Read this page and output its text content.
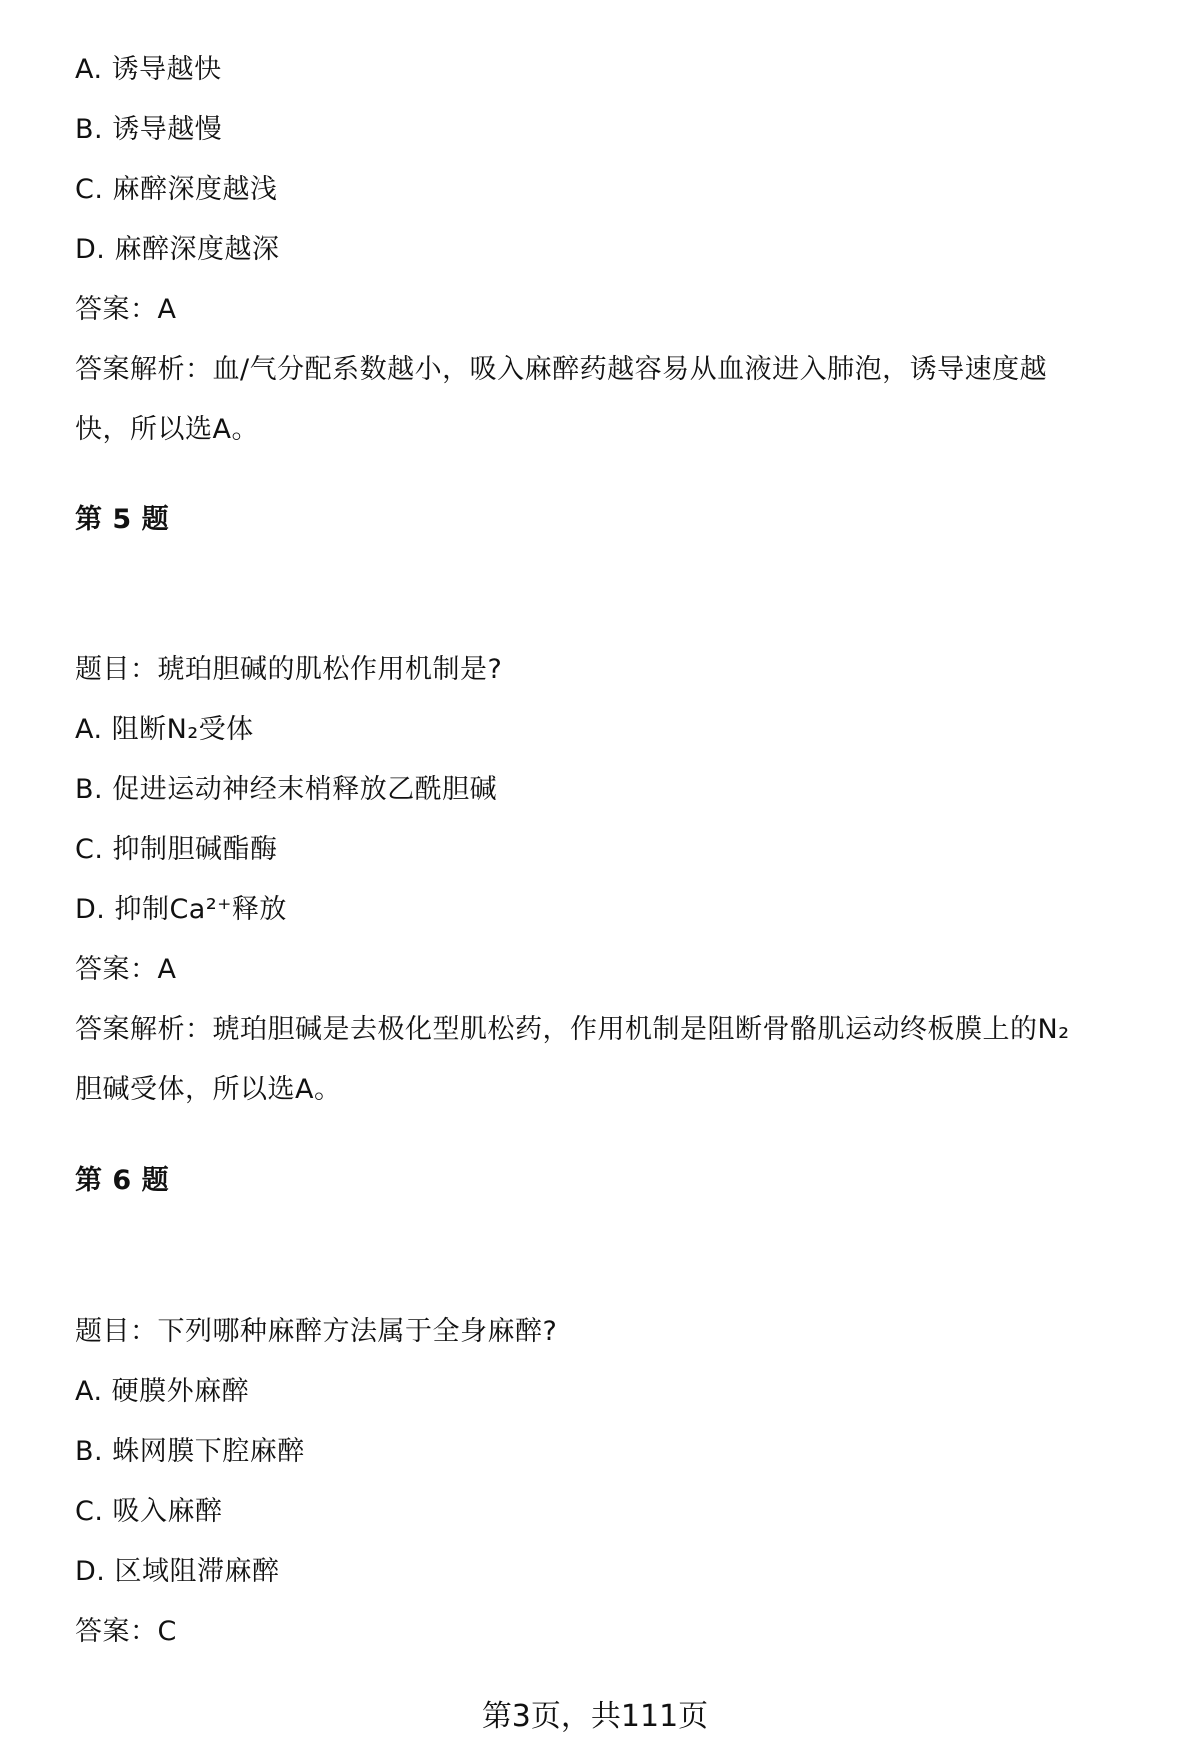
A. 诱导越快

B. 诱导越慢

C. 麻醉深度越浅

D. 麻醉深度越深

答案：A

答案解析：血/气分配系数越小，吸入麻醉药越容易从血液进入肺泡，诱导速度越

快，所以选A。

第 5 题

题目：琥珀胆碱的肌松作用机制是?

A. 阻断N₂受体

B. 促进运动神经末梢释放乙酰胆碱

C. 抑制胆碱酯酶

D. 抑制Ca²⁺释放

答案：A

答案解析：琥珀胆碱是去极化型肌松药，作用机制是阻断骨骼肌运动终板膜上的N₂

胆碱受体，所以选A。

第 6 题

题目：下列哪种麻醉方法属于全身麻醉?

A. 硬膜外麻醉

B. 蛛网膜下腔麻醉

C. 吸入麻醉

D. 区域阻滞麻醉

答案：C

第3页，共111页
